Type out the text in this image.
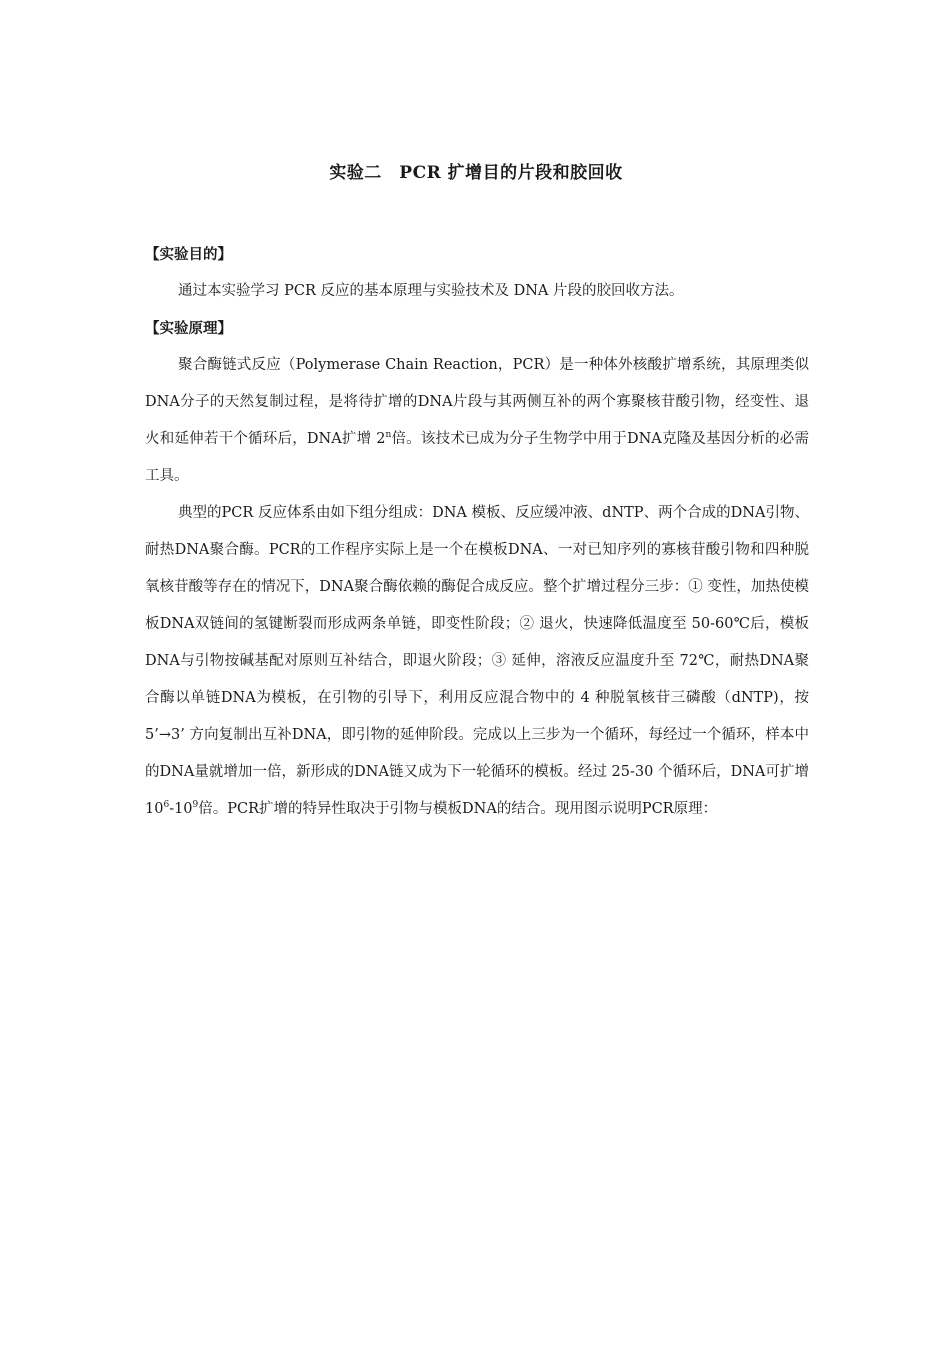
实验二　PCR 扩增目的片段和胶回收
【实验目的】

通过本实验学习 PCR 反应的基本原理与实验技术及 DNA 片段的胶回收方法。

【实验原理】

聚合酶链式反应（Polymerase Chain Reaction，PCR）是一种体外核酸扩增系统，其原理类似DNA分子的天然复制过程，是将待扩增的DNA片段与其两侧互补的两个寡聚核苷酸引物，经变性、退火和延伸若干个循环后，DNA扩增 2$^n$倍。该技术已成为分子生物学中用于DNA克隆及基因分析的必需工具。

典型的PCR 反应体系由如下组分组成：DNA 模板、反应缓冲液、dNTP、两个合成的DNA引物、耐热DNA聚合酶。PCR的工作程序实际上是一个在模板DNA、一对已知序列的寡核苷酸引物和四种脱氧核苷酸等存在的情况下，DNA聚合酶依赖的酶促合成反应。整个扩增过程分三步：① 变性，加热使模板DNA双链间的氢键断裂而形成两条单链，即变性阶段；② 退火，快速降低温度至 50-60℃后，模板DNA与引物按碱基配对原则互补结合，即退火阶段；③ 延伸，溶液反应温度升至 72℃，耐热DNA聚合酶以单链DNA为模板，在引物的引导下，利用反应混合物中的 4 种脱氧核苷三磷酸（dNTP)，按 5’→3’ 方向复制出互补DNA，即引物的延伸阶段。完成以上三步为一个循环，每经过一个循环，样本中的DNA量就增加一倍，新形成的DNA链又成为下一轮循环的模板。经过 25-30 个循环后，DNA可扩增 $10^6-10^9$倍。PCR扩增的特异性取决于引物与模板DNA的结合。现用图示说明PCR原理：
